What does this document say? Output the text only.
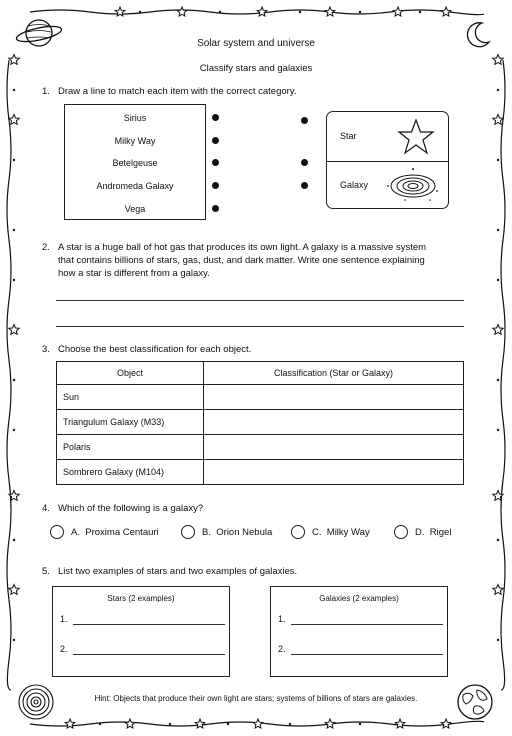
Solar system and universe
Classify stars and galaxies
1. Draw a line to match each item with the correct category.
Sirius
Milky Way
Betelgeuse
Andromeda Galaxy
Vega
Star
Galaxy
2. A star is a huge ball of hot gas that produces its own light. A galaxy is a massive system
that contains billions of stars, gas, dust, and dark matter. Write one sentence explaining
how a star is different from a galaxy.
3. Choose the best classification for each object.
Object	Classification (Star or Galaxy)
Sun	
Triangulum Galaxy (M33)	
Polaris	
Sombrero Galaxy (M104)	
4. Which of the following is a galaxy?
A.
Proxima Centauri	B.
Orion Nebula	C.
Milky Way	D.
Rigel
5. List two examples of stars and two examples of galaxies.
Stars (2 examples)
1.
2.
Galaxies (2 examples)
1.
2.
Hint: Objects that produce their own light are stars; systems of billions of stars are galaxies.
